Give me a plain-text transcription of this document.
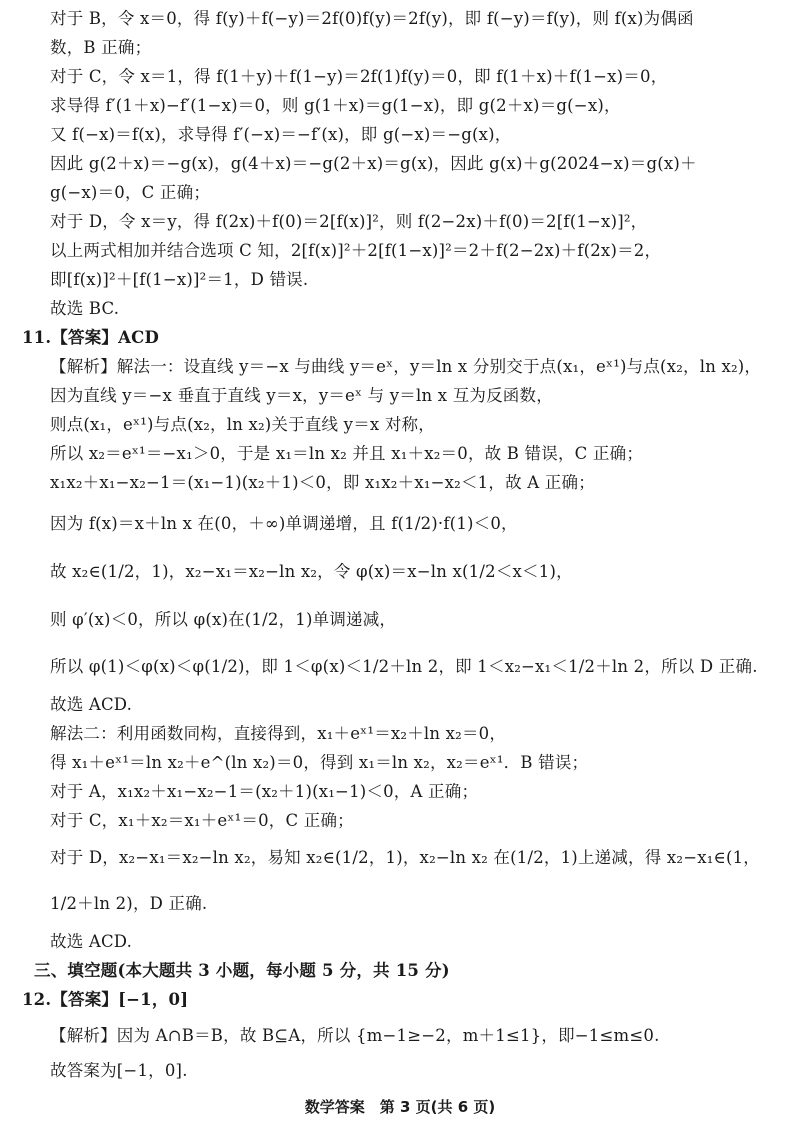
对于 B，令 x＝0，得 f(y)＋f(−y)＝2f(0)f(y)＝2f(y)，即 f(−y)＝f(y)，则 f(x)为偶函
数，B 正确；
对于 C，令 x＝1，得 f(1＋y)＋f(1−y)＝2f(1)f(y)＝0，即 f(1＋x)＋f(1−x)＝0，
求导得 f′(1＋x)−f′(1−x)＝0，则 g(1＋x)＝g(1−x)，即 g(2＋x)＝g(−x)，
又 f(−x)＝f(x)，求导得 f′(−x)＝−f′(x)，即 g(−x)＝−g(x)，
因此 g(2＋x)＝−g(x)，g(4＋x)＝−g(2＋x)＝g(x)，因此 g(x)＋g(2024−x)＝g(x)＋
g(−x)＝0，C 正确；
对于 D，令 x＝y，得 f(2x)＋f(0)＝2[f(x)]²，则 f(2−2x)＋f(0)＝2[f(1−x)]²，
以上两式相加并结合选项 C 知，2[f(x)]²＋2[f(1−x)]²＝2＋f(2−2x)＋f(2x)＝2，
即[f(x)]²＋[f(1−x)]²＝1，D 错误.
故选 BC.
11.【答案】ACD
【解析】解法一：设直线 y＝−x 与曲线 y＝eˣ，y＝ln x 分别交于点(x₁，eˣ¹)与点(x₂，ln x₂)，
因为直线 y＝−x 垂直于直线 y＝x，y＝eˣ 与 y＝ln x 互为反函数，
则点(x₁，eˣ¹)与点(x₂，ln x₂)关于直线 y＝x 对称，
所以 x₂＝eˣ¹＝−x₁＞0，于是 x₁＝ln x₂ 并且 x₁＋x₂＝0，故 B 错误，C 正确；
x₁x₂＋x₁−x₂−1＝(x₁−1)(x₂＋1)＜0，即 x₁x₂＋x₁−x₂＜1，故 A 正确；
因为 f(x)＝x＋ln x 在(0，＋∞)单调递增，且 f(1/2)·f(1)＜0，
故 x₂∈(1/2，1)，x₂−x₁＝x₂−ln x₂，令 φ(x)＝x−ln x(1/2＜x＜1)，
则 φ′(x)＜0，所以 φ(x)在(1/2，1)单调递减，
所以 φ(1)＜φ(x)＜φ(1/2)，即 1＜φ(x)＜1/2＋ln 2，即 1＜x₂−x₁＜1/2＋ln 2，所以 D 正确.
故选 ACD.
解法二：利用函数同构，直接得到，x₁＋eˣ¹＝x₂＋ln x₂＝0，
得 x₁＋eˣ¹＝ln x₂＋e^(ln x₂)＝0，得到 x₁＝ln x₂，x₂＝eˣ¹．B 错误；
对于 A，x₁x₂＋x₁−x₂−1＝(x₂＋1)(x₁−1)＜0，A 正确；
对于 C，x₁＋x₂＝x₁＋eˣ¹＝0，C 正确；
对于 D，x₂−x₁＝x₂−ln x₂，易知 x₂∈(1/2，1)，x₂−ln x₂ 在(1/2，1)上递减，得 x₂−x₁∈(1，
1/2＋ln 2)，D 正确.
故选 ACD.
三、填空题(本大题共 3 小题，每小题 5 分，共 15 分)
12.【答案】[−1，0]
【解析】因为 A∩B＝B，故 B⊆A，所以 {m−1≥−2，m＋1≤1}，即−1≤m≤0.
故答案为[−1，0].
数学答案　第 3 页(共 6 页)
